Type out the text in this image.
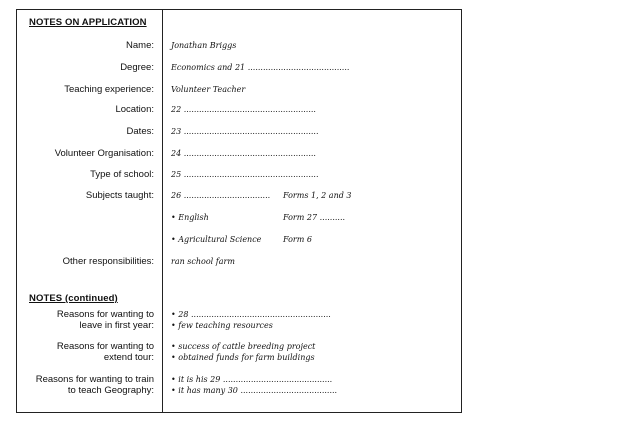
NOTES ON APPLICATION
Name: Jonathan Briggs
Degree: Economics and 21 ........................................
Teaching experience: Volunteer Teacher
Location: 22 ....................................................
Dates: 23 .....................................................
Volunteer Organisation: 24 ....................................................
Type of school: 25 .....................................................
Subjects taught: 26 .................................. Forms 1, 2 and 3
• English	Form 27 ..........
• Agricultural Science	Form 6
Other responsibilities: ran school farm
NOTES (continued)
Reasons for wanting to
leave in first year:
• 28 .......................................................
• few teaching resources
Reasons for wanting to
extend tour:
• success of cattle breeding project
• obtained funds for farm buildings
Reasons for wanting to train
to teach Geography:
• it is his 29 ...........................................
• it has many 30 ......................................
